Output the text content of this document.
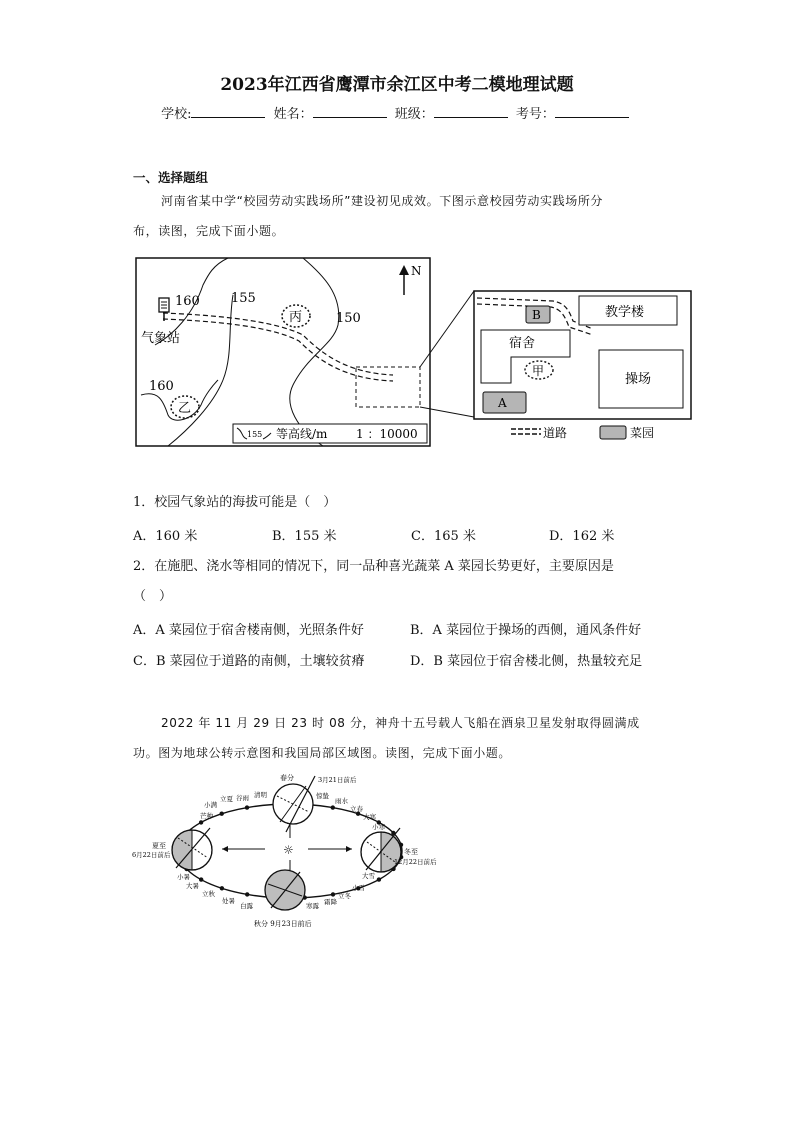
2023年江西省鹰潭市余江区中考二模地理试题
学校:	姓名：	班级：	考号：
一、选择题组
河南省某中学“校园劳动实践场所”建设初见成效。下图示意校园劳动实践场所分
布，读图，完成下面小题。
160 155
150
160
气象站
丙
乙
N
155 等高线/m 1 ：10000
B	教学楼
宿舍
甲
操场
A
道路	菜园
1．校园气象站的海拔可能是（　）
A．160 米	B．155 米	C．165 米	D．162 米
2．在施肥、浇水等相同的情况下，同一品种喜光蔬菜 A 菜园长势更好，主要原因是
（　）
A．A 菜园位于宿舍楼南侧，光照条件好	B．A 菜园位于操场的西侧，通风条件好
C．B 菜园位于道路的南侧，土壤较贫瘠	D．B 菜园位于宿舍楼北侧，热量较充足
2022 年 11 月 29 日 23 时 08 分，神舟十五号载人飞船在酒泉卫星发射取得圆满成
功。图为地球公转示意图和我国局部区域图。读图，完成下面小题。
☼
春分	3月21日前后
夏至
6月22日前后	冬至
12月22日前后
秋分 9月23日前后
清明
谷雨
立夏
小满
芒种
惊蛰
雨水
立春
大寒
小寒
小暑
大暑
立秋
处暑
白露	寒露 霜降
立冬
小雪
大雪
